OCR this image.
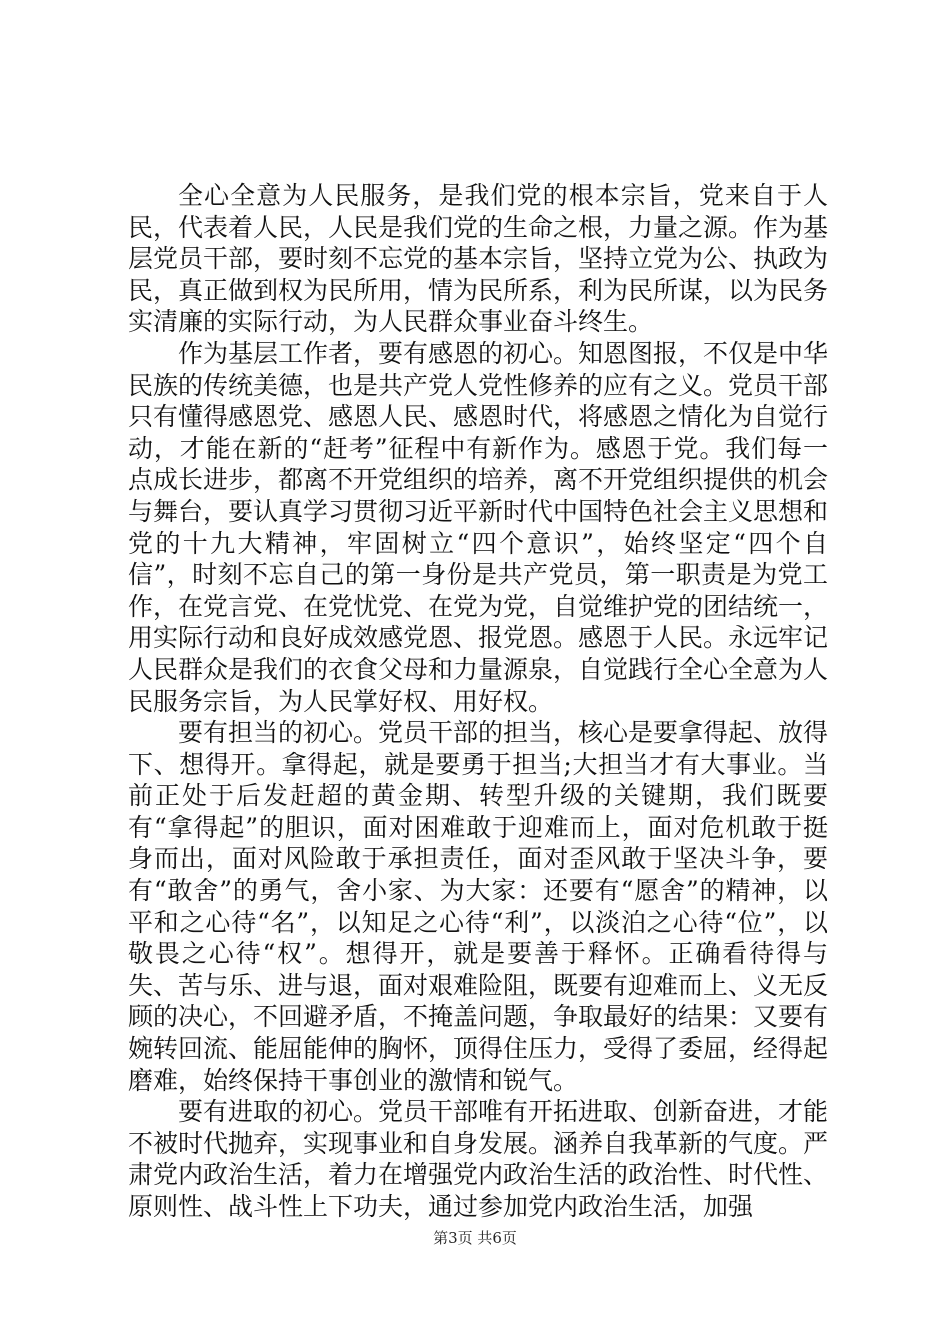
全心全意为人民服务，是我们党的根本宗旨，党来自于人民，代表着人民，人民是我们党的生命之根，力量之源。作为基层党员干部，要时刻不忘党的基本宗旨，坚持立党为公、执政为民，真正做到权为民所用，情为民所系，利为民所谋，以为民务实清廉的实际行动，为人民群众事业奋斗终生。

作为基层工作者，要有感恩的初心。知恩图报，不仅是中华民族的传统美德，也是共产党人党性修养的应有之义。党员干部只有懂得感恩党、感恩人民、感恩时代，将感恩之情化为自觉行动，才能在新的“赶考”征程中有新作为。感恩于党。我们每一点成长进步，都离不开党组织的培养，离不开党组织提供的机会与舞台，要认真学习贯彻习近平新时代中国特色社会主义思想和党的十九大精神，牢固树立“四个意识”，始终坚定“四个自信”，时刻不忘自己的第一身份是共产党员，第一职责是为党工作，在党言党、在党忧党、在党为党，自觉维护党的团结统一，用实际行动和良好成效感党恩、报党恩。感恩于人民。永远牢记人民群众是我们的衣食父母和力量源泉，自觉践行全心全意为人民服务宗旨，为人民掌好权、用好权。

要有担当的初心。党员干部的担当，核心是要拿得起、放得下、想得开。拿得起，就是要勇于担当;大担当才有大事业。当前正处于后发赶超的黄金期、转型升级的关键期，我们既要有“拿得起”的胆识，面对困难敢于迎难而上，面对危机敢于挺身而出，面对风险敢于承担责任，面对歪风敢于坚决斗争，要有“敢舍”的勇气，舍小家、为大家：还要有“愿舍”的精神，以平和之心待“名”，以知足之心待“利”，以淡泊之心待“位”，以敬畏之心待“权”。想得开，就是要善于释怀。正确看待得与失、苦与乐、进与退，面对艰难险阻，既要有迎难而上、义无反顾的决心，不回避矛盾，不掩盖问题，争取最好的结果：又要有婉转回流、能屈能伸的胸怀，顶得住压力，受得了委屈，经得起磨难，始终保持干事创业的激情和锐气。

要有进取的初心。党员干部唯有开拓进取、创新奋进，才能不被时代抛弃，实现事业和自身发展。涵养自我革新的气度。严肃党内政治生活，着力在增强党内政治生活的政治性、时代性、原则性、战斗性上下功夫，通过参加党内政治生活，加强

第3页 共6页
